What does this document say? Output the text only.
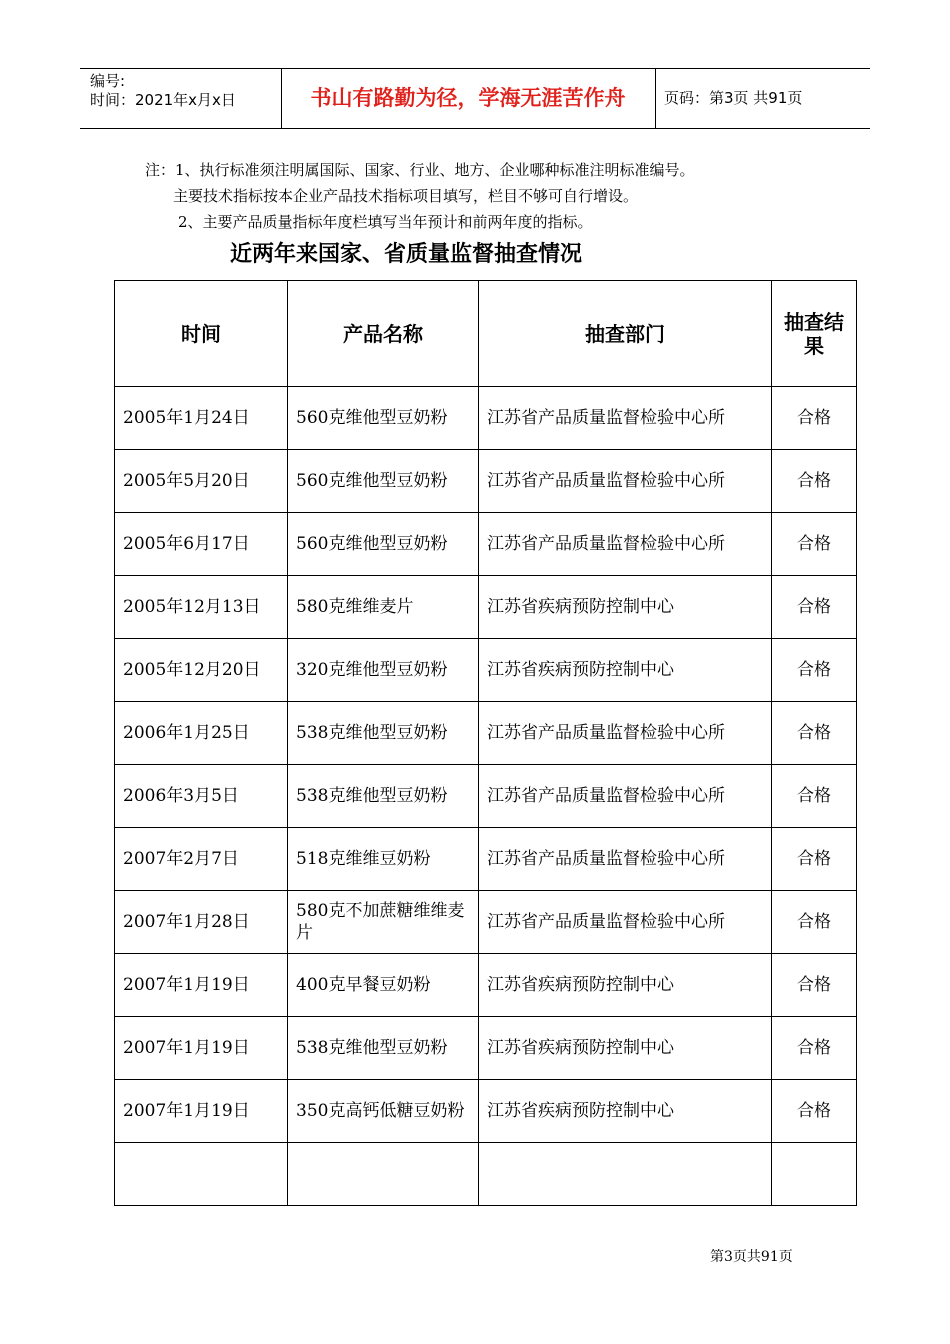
编号:
时间：2021年x月x日	书山有路勤为径，学海无涯苦作舟	页码：第3页 共91页
注：1、执行标准须注明属国际、国家、行业、地方、企业哪种标准注明标准编号。
主要技术指标按本企业产品技术指标项目填写，栏目不够可自行增设。
2、主要产品质量指标年度栏填写当年预计和前两年度的指标。
近两年来国家、省质量监督抽查情况
时间	产品名称	抽查部门	抽查结果
2005年1月24日	560克维他型豆奶粉	江苏省产品质量监督检验中心所	合格
2005年5月20日	560克维他型豆奶粉	江苏省产品质量监督检验中心所	合格
2005年6月17日	560克维他型豆奶粉	江苏省产品质量监督检验中心所	合格
2005年12月13日	580克维维麦片	江苏省疾病预防控制中心	合格
2005年12月20日	320克维他型豆奶粉	江苏省疾病预防控制中心	合格
2006年1月25日	538克维他型豆奶粉	江苏省产品质量监督检验中心所	合格
2006年3月5日	538克维他型豆奶粉	江苏省产品质量监督检验中心所	合格
2007年2月7日	518克维维豆奶粉	江苏省产品质量监督检验中心所	合格
2007年1月28日	580克不加蔗糖维维麦片	江苏省产品质量监督检验中心所	合格
2007年1月19日	400克早餐豆奶粉	江苏省疾病预防控制中心	合格
2007年1月19日	538克维他型豆奶粉	江苏省疾病预防控制中心	合格
2007年1月19日	350克高钙低糖豆奶粉	江苏省疾病预防控制中心	合格

第3页共91页
